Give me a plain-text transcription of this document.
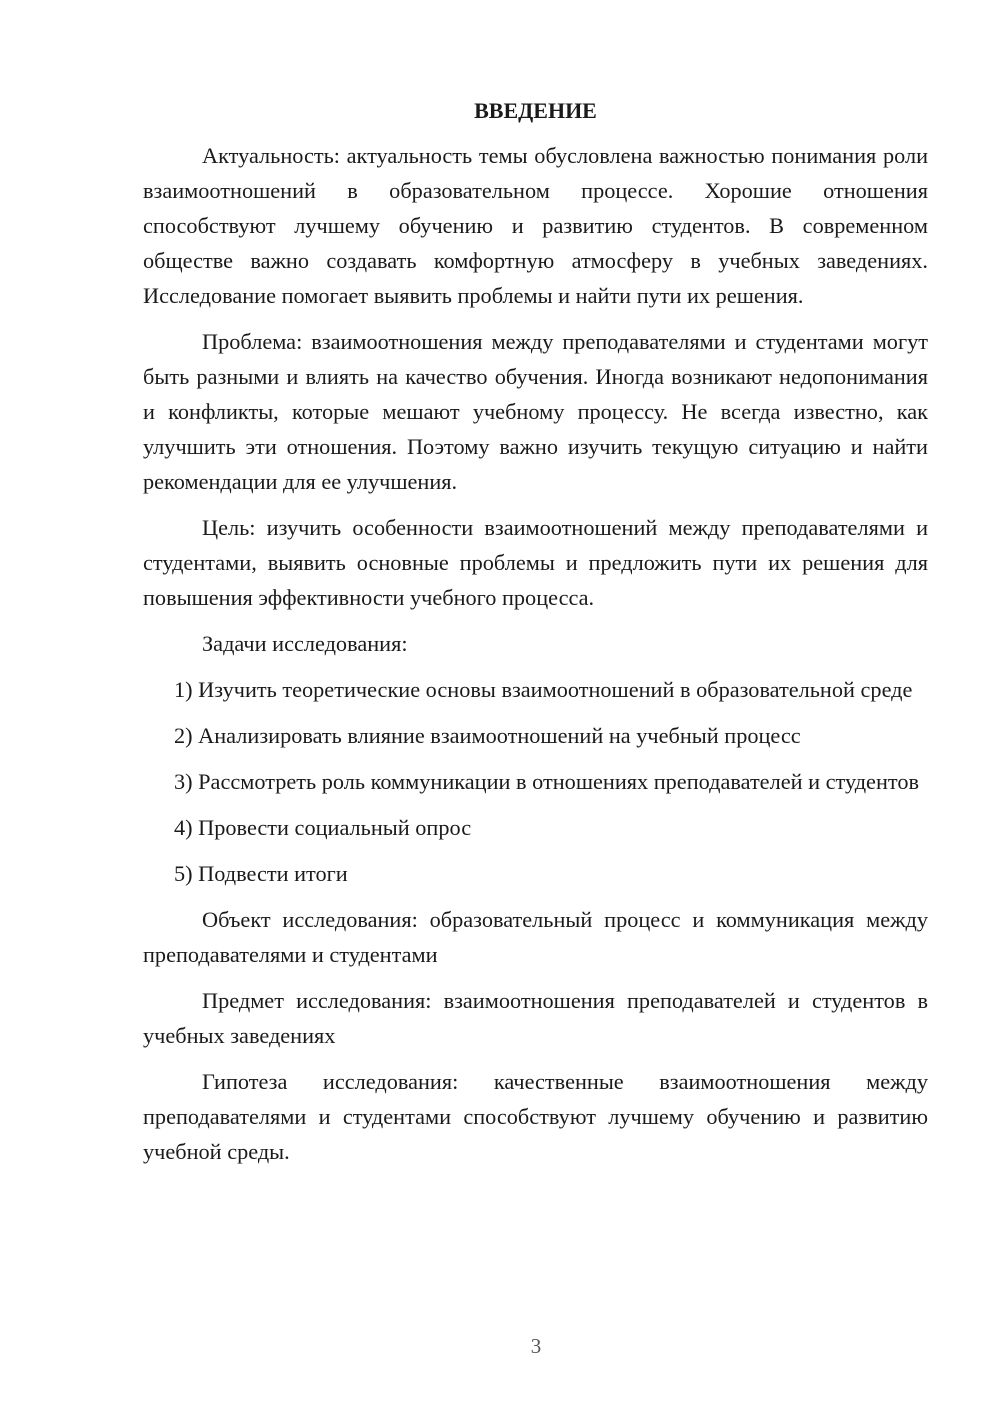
ВВЕДЕНИЕ

Актуальность: актуальность темы обусловлена важностью понимания роли взаимоотношений в образовательном процессе. Хорошие отношения способствуют лучшему обучению и развитию студентов. В современном обществе важно создавать комфортную атмосферу в учебных заведениях. Исследование помогает выявить проблемы и найти пути их решения.

Проблема: взаимоотношения между преподавателями и студентами могут быть разными и влиять на качество обучения. Иногда возникают недопонимания и конфликты, которые мешают учебному процессу. Не всегда известно, как улучшить эти отношения. Поэтому важно изучить текущую ситуацию и найти рекомендации для ее улучшения.

Цель: изучить особенности взаимоотношений между преподавателями и студентами, выявить основные проблемы и предложить пути их решения для повышения эффективности учебного процесса.

Задачи исследования:

1) Изучить теоретические основы взаимоотношений в образовательной среде

2) Анализировать влияние взаимоотношений на учебный процесс

3) Рассмотреть роль коммуникации в отношениях преподавателей и студентов

4) Провести социальный опрос

5) Подвести итоги

Объект исследования: образовательный процесс и коммуникация между преподавателями и студентами

Предмет исследования: взаимоотношения преподавателей и студентов в учебных заведениях

Гипотеза исследования: качественные взаимоотношения между преподавателями и студентами способствуют лучшему обучению и развитию учебной среды.

3
